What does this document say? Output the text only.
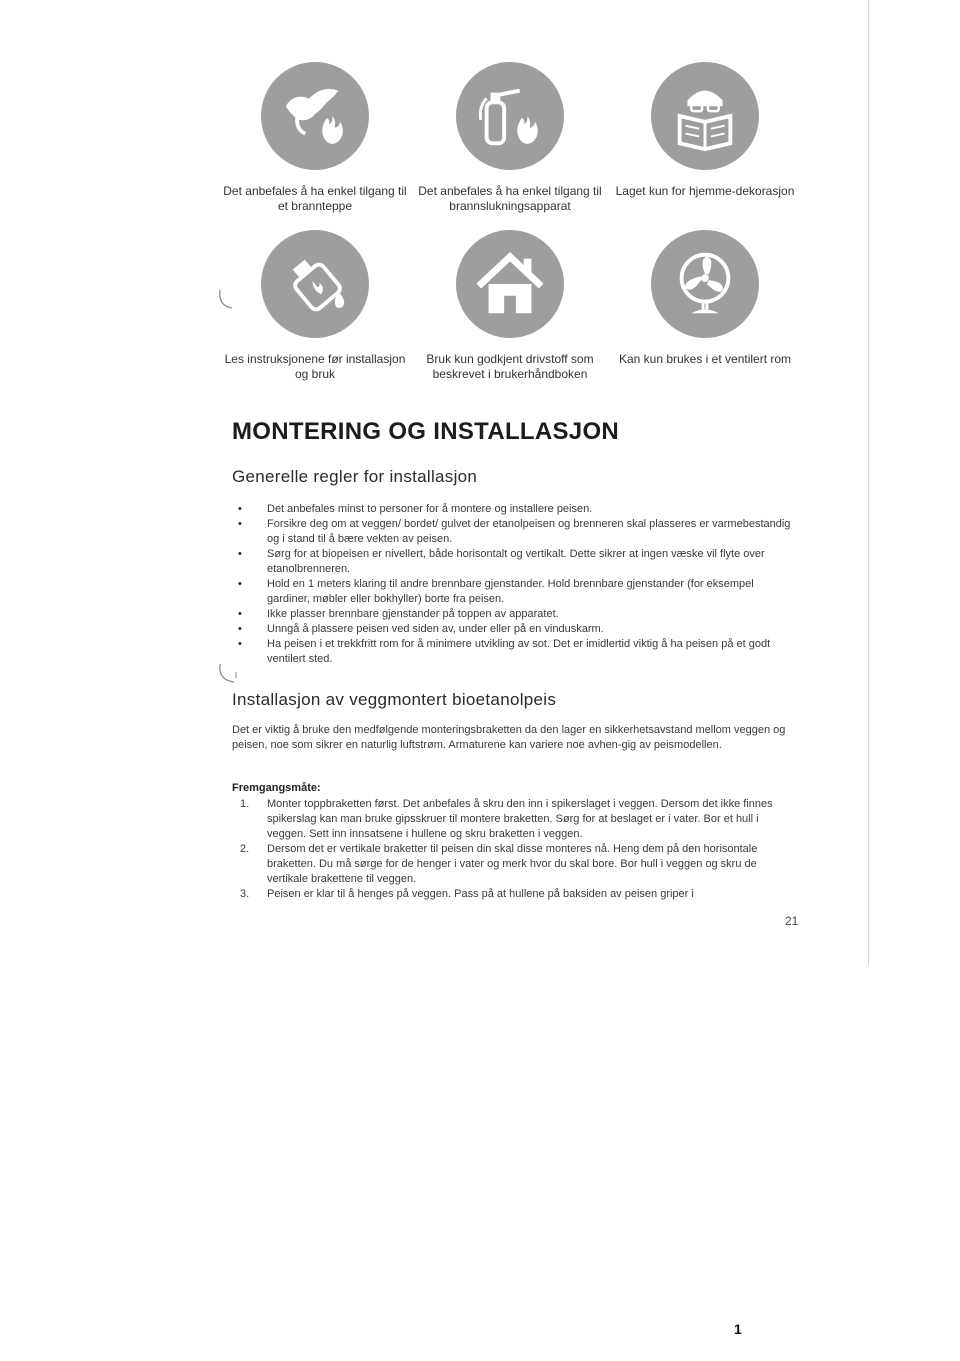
Det anbefales å ha enkel tilgang til et brannteppe
Det anbefales å ha enkel tilgang til brannslukningsapparat
Laget kun for hjemme-dekorasjon
Les instruksjonene før installasjon og bruk
Bruk kun godkjent drivstoff som beskrevet i brukerhåndboken
Kan kun brukes i et ventilert rom
MONTERING OG INSTALLASJON
Generelle regler for installasjon
• Det anbefales minst to personer for å montere og installere peisen.
• Forsikre deg om at veggen/ bordet/ gulvet der etanolpeisen og brenneren skal plasseres er varmebestandig og i stand til å bære vekten av peisen.
• Sørg for at biopeisen er nivellert, både horisontalt og vertikalt. Dette sikrer at ingen væske vil flyte over etanolbrenneren.
• Hold en 1 meters klaring til andre brennbare gjenstander. Hold brennbare gjenstander (for eksempel gardiner, møbler eller bokhyller) borte fra peisen.
• Ikke plasser brennbare gjenstander på toppen av apparatet.
• Unngå å plassere peisen ved siden av, under eller på en vinduskarm.
• Ha peisen i et trekkfritt rom for å minimere utvikling av sot. Det er imidlertid viktig å ha peisen på et godt ventilert sted.
Installasjon av veggmontert bioetanolpeis
Det er viktig å bruke den medfølgende monteringsbraketten da den lager en sikkerhetsavstand mellom veggen og peisen, noe som sikrer en naturlig luftstrøm. Armaturene kan variere noe avhen-gig av peismodellen.
Fremgangsmåte:
1. Monter toppbraketten først. Det anbefales å skru den inn i spikerslaget i veggen. Dersom det ikke finnes spikerslag kan man bruke gipsskruer til montere braketten. Sørg for at beslaget er i vater. Bor et hull i veggen. Sett inn innsatsene i hullene og skru braketten i veggen.
2. Dersom det er vertikale braketter til peisen din skal disse monteres nå. Heng dem på den horisontale braketten. Du må sørge for de henger i vater og merk hvor du skal bore. Bor hull i veggen og skru de vertikale brakettene til veggen.
3. Peisen er klar til å henges på veggen. Pass på at hullene på baksiden av peisen griper i
21
1
